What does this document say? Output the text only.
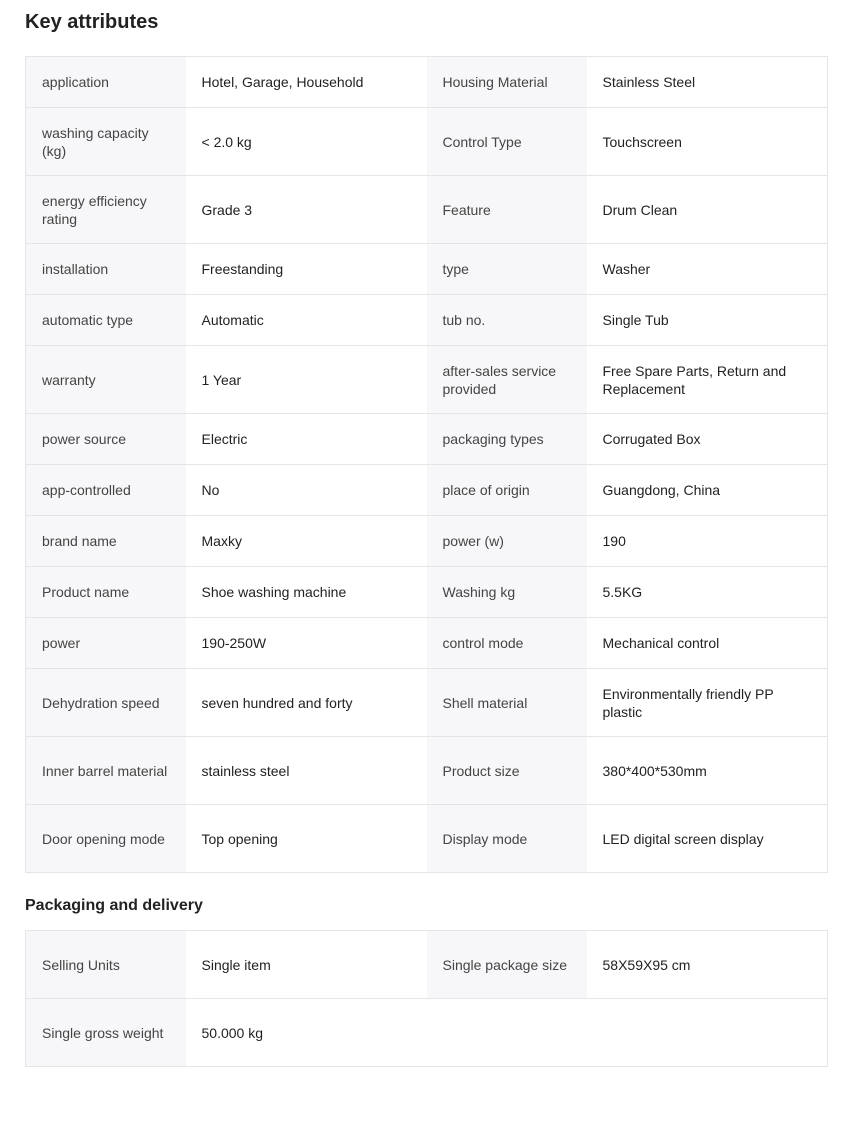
Key attributes
application	Hotel, Garage, Household	Housing Material	Stainless Steel
washing capacity (kg)	< 2.0 kg	Control Type	Touchscreen
energy efficiency rating	Grade 3	Feature	Drum Clean
installation	Freestanding	type	Washer
automatic type	Automatic	tub no.	Single Tub
warranty	1 Year	after-sales service provided	Free Spare Parts, Return and Replacement
power source	Electric	packaging types	Corrugated Box
app-controlled	No	place of origin	Guangdong, China
brand name	Maxky	power (w)	190
Product name	Shoe washing machine	Washing kg	5.5KG
power	190-250W	control mode	Mechanical control
Dehydration speed	seven hundred and forty	Shell material	Environmentally friendly PP plastic
Inner barrel material	stainless steel	Product size	380*400*530mm
Door opening mode	Top opening	Display mode	LED digital screen display
Packaging and delivery
Selling Units	Single item	Single package size	58X59X95 cm
Single gross weight	50.000 kg		
